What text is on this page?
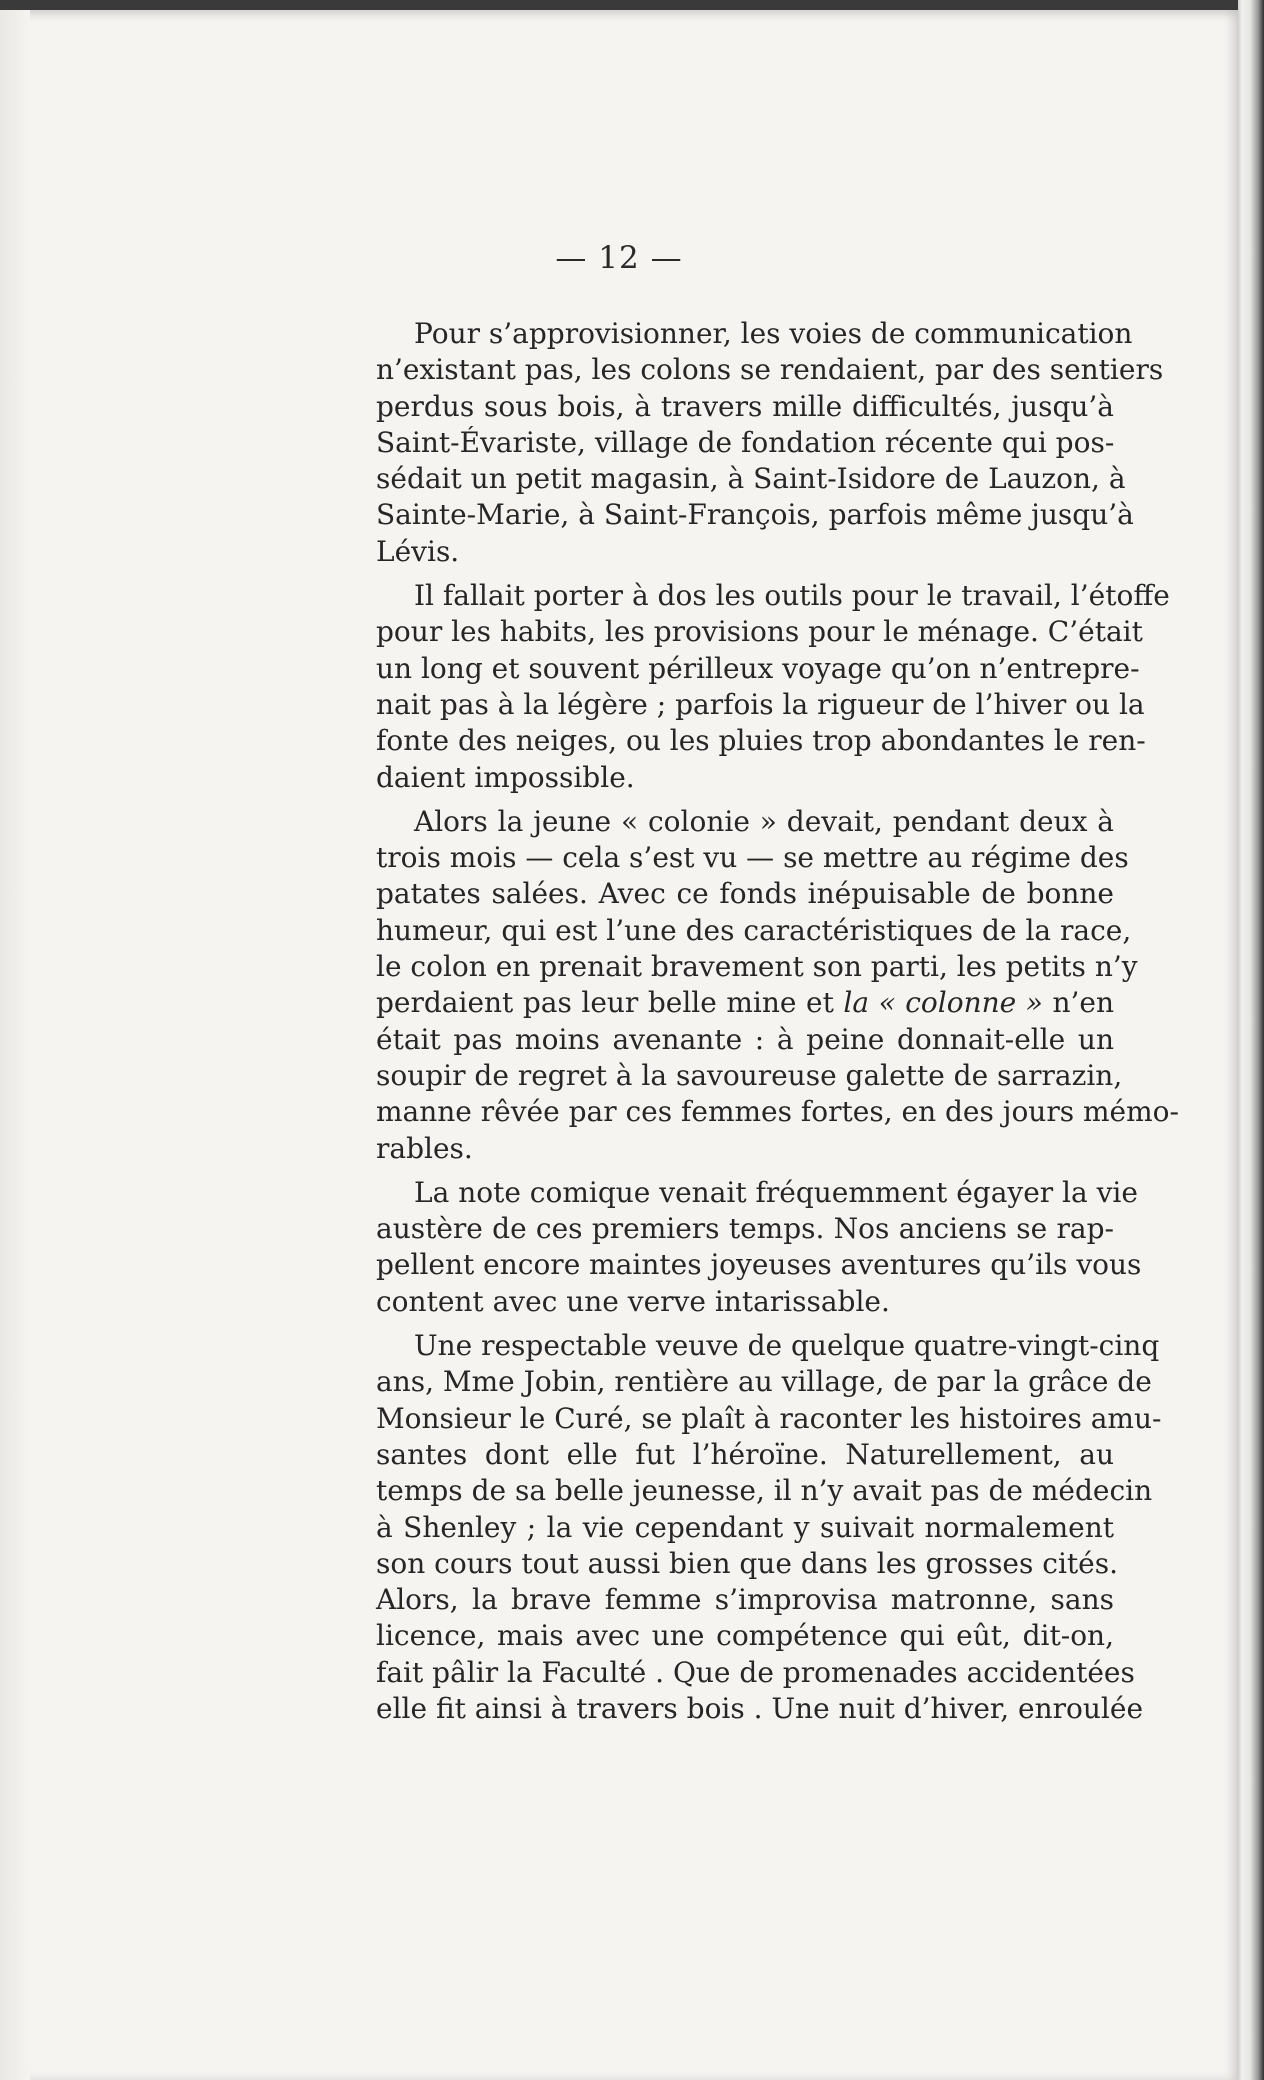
— 12 —
Pour s’approvisionner, les voies de communication
n’existant pas, les colons se rendaient, par des sentiers
perdus sous bois, à travers mille difficultés, jusqu’à
Saint-Évariste, village de fondation récente qui pos-
sédait un petit magasin, à Saint-Isidore de Lauzon, à
Sainte-Marie, à Saint-François, parfois même jusqu’à
Lévis.
Il fallait porter à dos les outils pour le travail, l’étoffe
pour les habits, les provisions pour le ménage. C’était
un long et souvent périlleux voyage qu’on n’entrepre-
nait pas à la légère ; parfois la rigueur de l’hiver ou la
fonte des neiges, ou les pluies trop abondantes le ren-
daient impossible.
Alors la jeune « colonie » devait, pendant deux à
trois mois — cela s’est vu — se mettre au régime des
patates salées. Avec ce fonds inépuisable de bonne
humeur, qui est l’une des caractéristiques de la race,
le colon en prenait bravement son parti, les petits n’y
perdaient pas leur belle mine et la « colonne » n’en
était pas moins avenante : à peine donnait-elle un
soupir de regret à la savoureuse galette de sarrazin,
manne rêvée par ces femmes fortes, en des jours mémo-
rables.
La note comique venait fréquemment égayer la vie
austère de ces premiers temps. Nos anciens se rap-
pellent encore maintes joyeuses aventures qu’ils vous
content avec une verve intarissable.
Une respectable veuve de quelque quatre-vingt-cinq
ans, Mme Jobin, rentière au village, de par la grâce de
Monsieur le Curé, se plaît à raconter les histoires amu-
santes dont elle fut l’héroïne. Naturellement, au
temps de sa belle jeunesse, il n’y avait pas de médecin
à Shenley ; la vie cependant y suivait normalement
son cours tout aussi bien que dans les grosses cités.
Alors, la brave femme s’improvisa matronne, sans
licence, mais avec une compétence qui eût, dit-on,
fait pâlir la Faculté . Que de promenades accidentées
elle fit ainsi à travers bois . Une nuit d’hiver, enroulée
